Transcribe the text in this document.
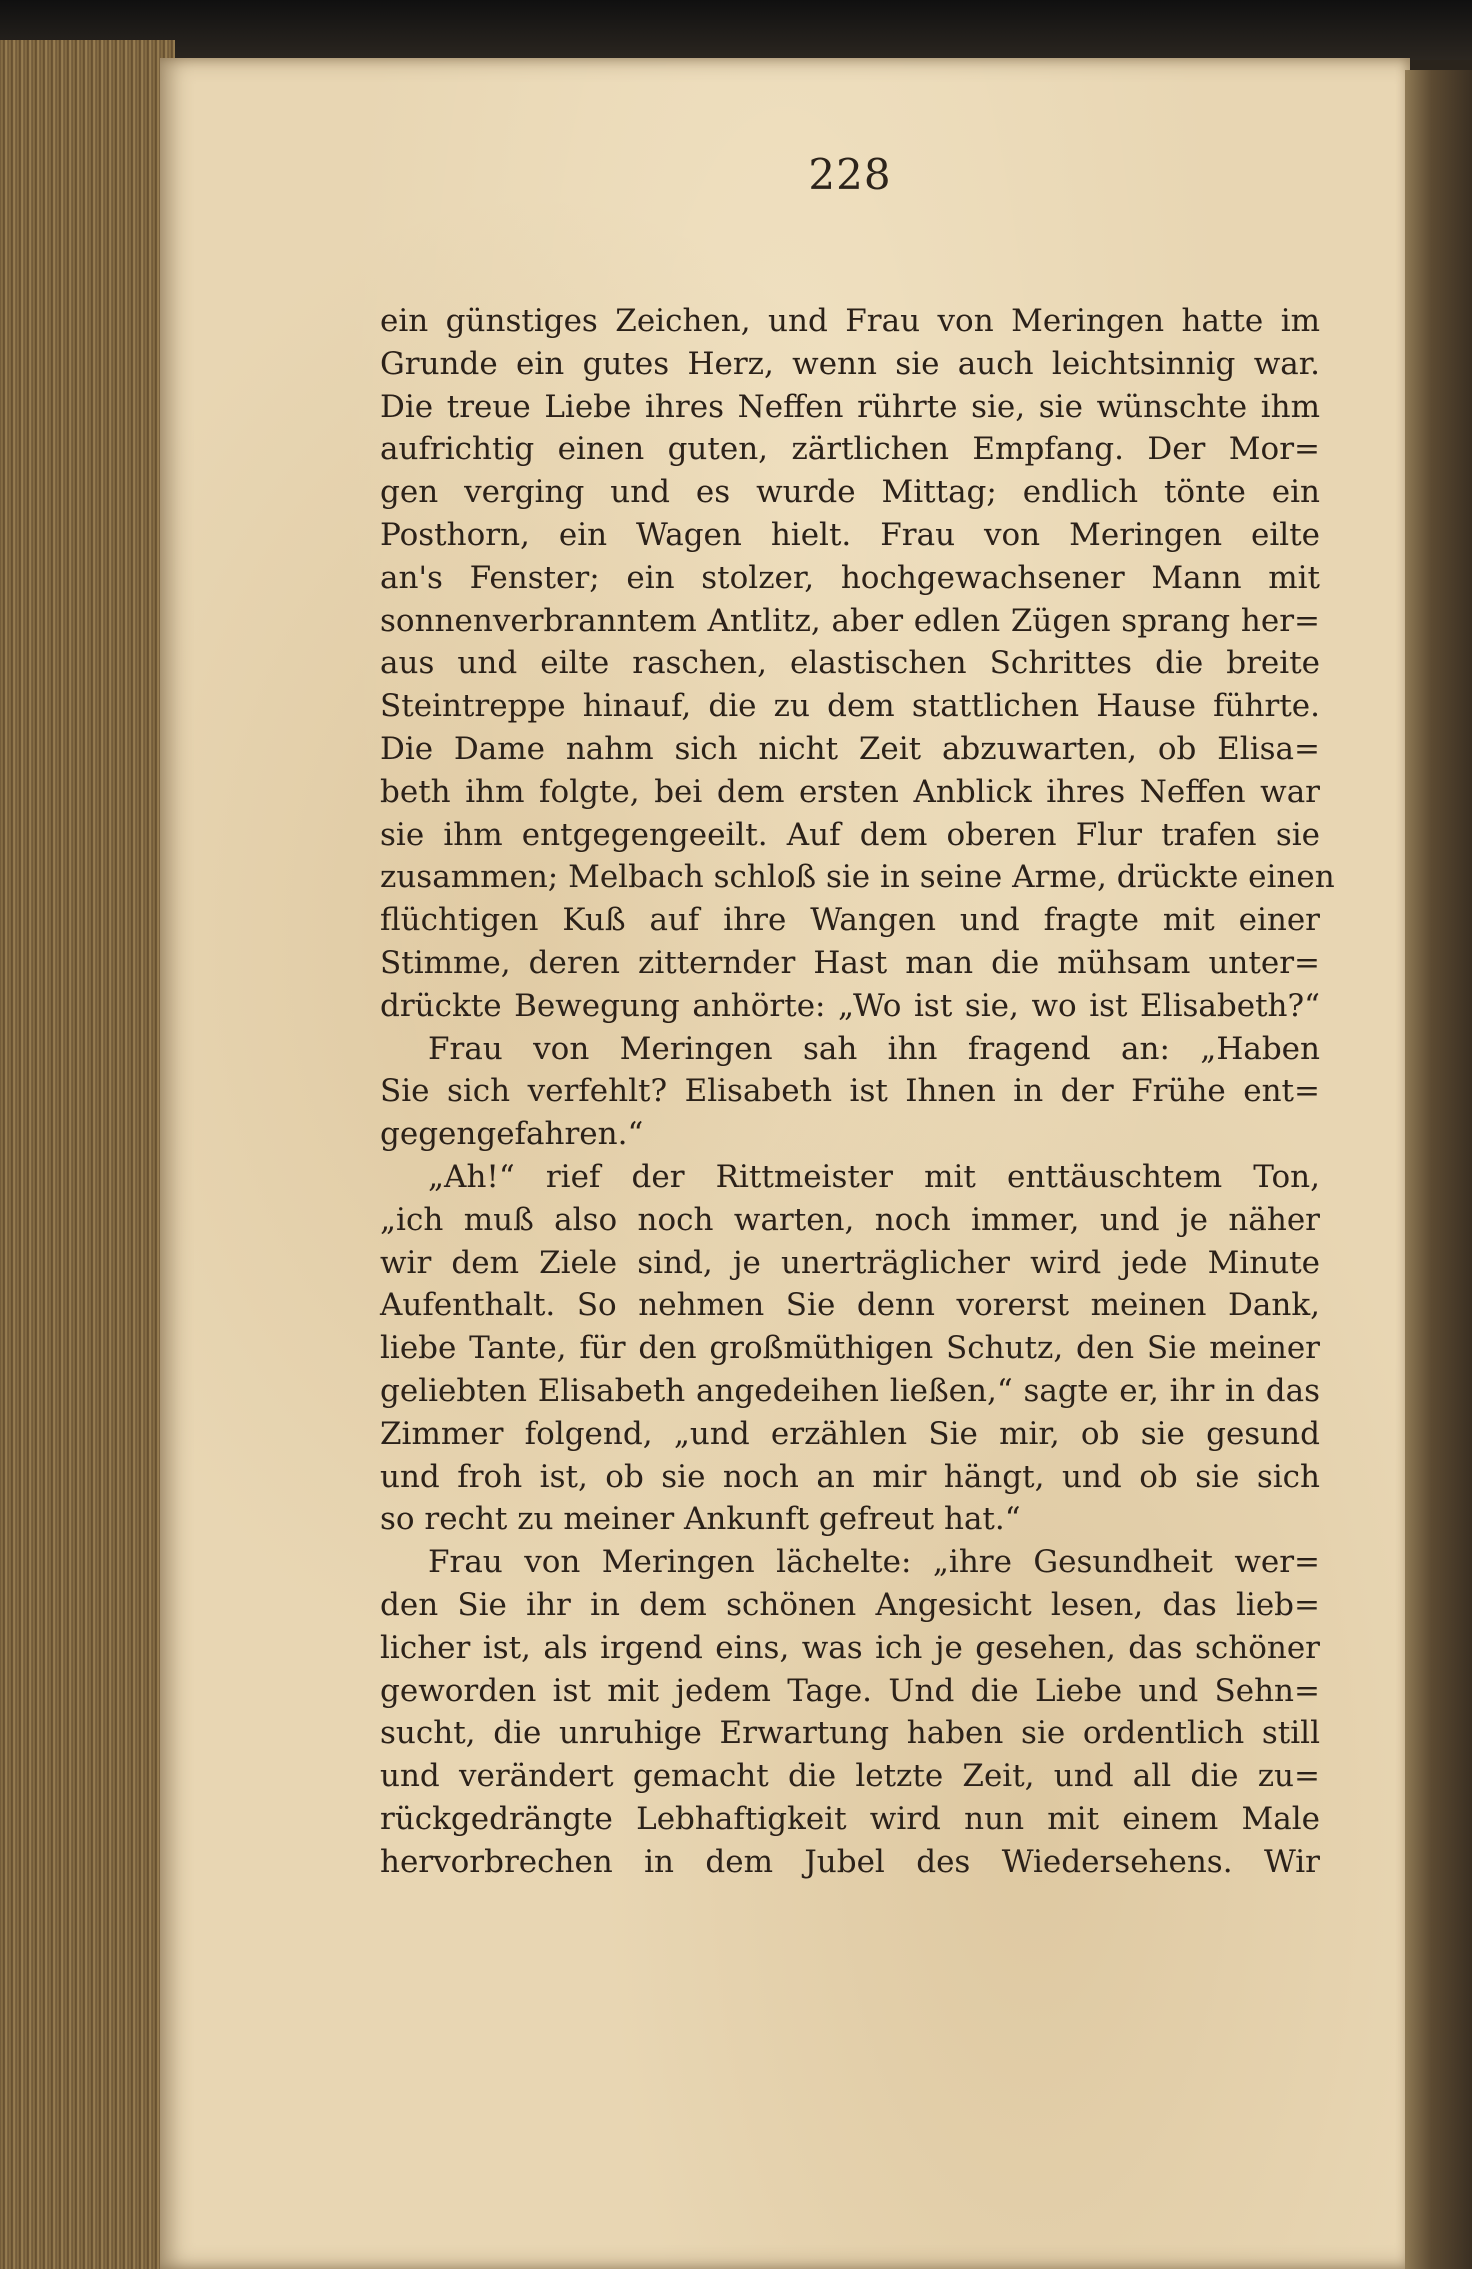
228
ein günstiges Zeichen, und Frau von Meringen hatte im
Grunde ein gutes Herz, wenn sie auch leichtsinnig war.
Die treue Liebe ihres Neffen rührte sie, sie wünschte ihm
aufrichtig einen guten, zärtlichen Empfang. Der Mor=
gen verging und es wurde Mittag; endlich tönte ein
Posthorn, ein Wagen hielt. Frau von Meringen eilte
an's Fenster; ein stolzer, hochgewachsener Mann mit
sonnenverbranntem Antlitz, aber edlen Zügen sprang her=
aus und eilte raschen, elastischen Schrittes die breite
Steintreppe hinauf, die zu dem stattlichen Hause führte.
Die Dame nahm sich nicht Zeit abzuwarten, ob Elisa=
beth ihm folgte, bei dem ersten Anblick ihres Neffen war
sie ihm entgegengeeilt. Auf dem oberen Flur trafen sie
zusammen; Melbach schloß sie in seine Arme, drückte einen
flüchtigen Kuß auf ihre Wangen und fragte mit einer
Stimme, deren zitternder Hast man die mühsam unter=
drückte Bewegung anhörte: „Wo ist sie, wo ist Elisabeth?“
Frau von Meringen sah ihn fragend an: „Haben
Sie sich verfehlt? Elisabeth ist Ihnen in der Frühe ent=
gegengefahren.“
„Ah!“ rief der Rittmeister mit enttäuschtem Ton,
„ich muß also noch warten, noch immer, und je näher
wir dem Ziele sind, je unerträglicher wird jede Minute
Aufenthalt. So nehmen Sie denn vorerst meinen Dank,
liebe Tante, für den großmüthigen Schutz, den Sie meiner
geliebten Elisabeth angedeihen ließen,“ sagte er, ihr in das
Zimmer folgend, „und erzählen Sie mir, ob sie gesund
und froh ist, ob sie noch an mir hängt, und ob sie sich
so recht zu meiner Ankunft gefreut hat.“
Frau von Meringen lächelte: „ihre Gesundheit wer=
den Sie ihr in dem schönen Angesicht lesen, das lieb=
licher ist, als irgend eins, was ich je gesehen, das schöner
geworden ist mit jedem Tage. Und die Liebe und Sehn=
sucht, die unruhige Erwartung haben sie ordentlich still
und verändert gemacht die letzte Zeit, und all die zu=
rückgedrängte Lebhaftigkeit wird nun mit einem Male
hervorbrechen in dem Jubel des Wiedersehens. Wir
